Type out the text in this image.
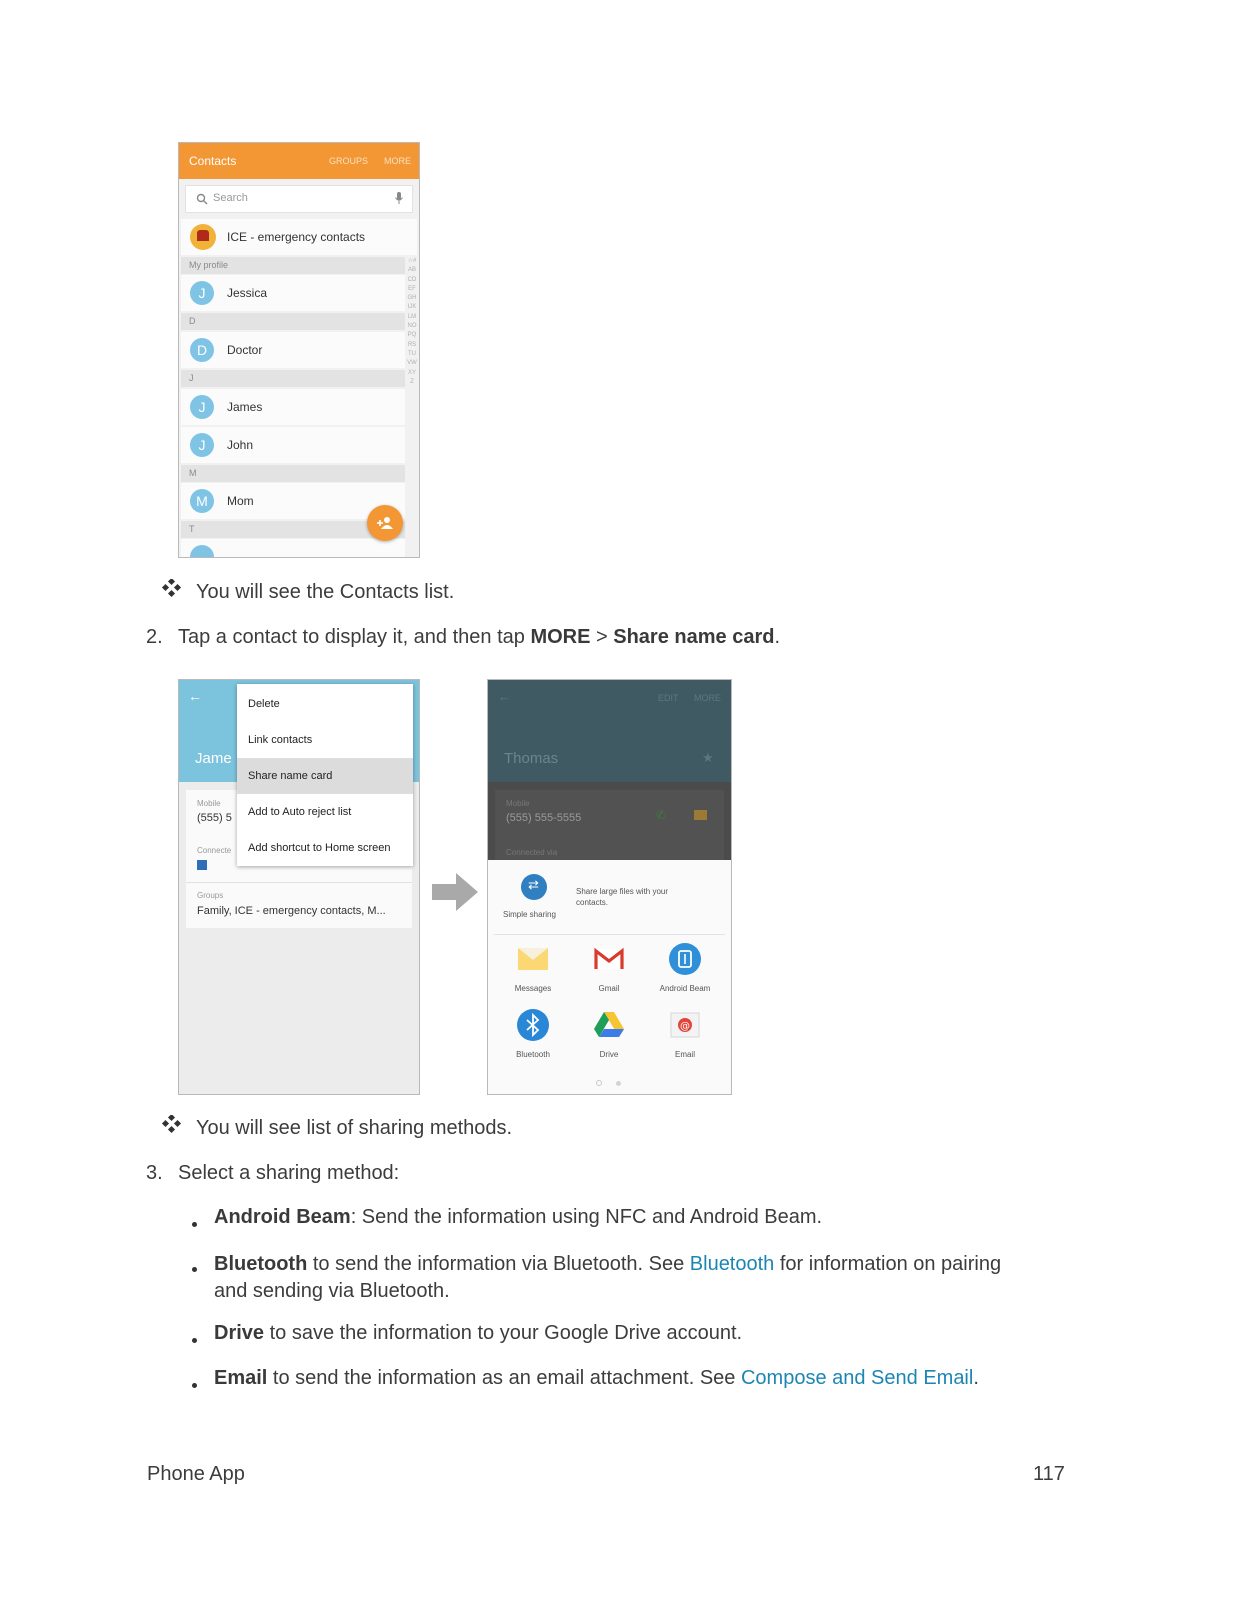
Contacts	GROUPS MORE
Search
ICE - emergency contacts
My profile
J	Jessica
D
D	Doctor
J
J	James
J	John
M
M	Mom
T
☆#ABCDEFGHIJKLMNOPQRSTUVWXYZ
You will see the Contacts list.
2. Tap a contact to display it, and then tap MORE > Share name card.
←
Jame
Mobile
(555) 5
Connecte
Groups
Family, ICE - emergency contacts, M...
Delete
Link contacts
Share name card
Add to Auto reject list
Add shortcut to Home screen
←	EDIT MORE
Thomas	★
Mobile
(555) 555-5555	✆
Connected via
⇄
Simple sharing
Share large files with your contacts.
Messages	Gmail	Android Beam
Bluetooth	Drive
@
Email
You will see list of sharing methods.
3. Select a sharing method:
Android Beam: Send the information using NFC and Android Beam.
Bluetooth to send the information via Bluetooth. See Bluetooth for information on pairing
and sending via Bluetooth.
Drive to save the information to your Google Drive account.
Email to send the information as an email attachment. See Compose and Send Email.
Phone App	117
